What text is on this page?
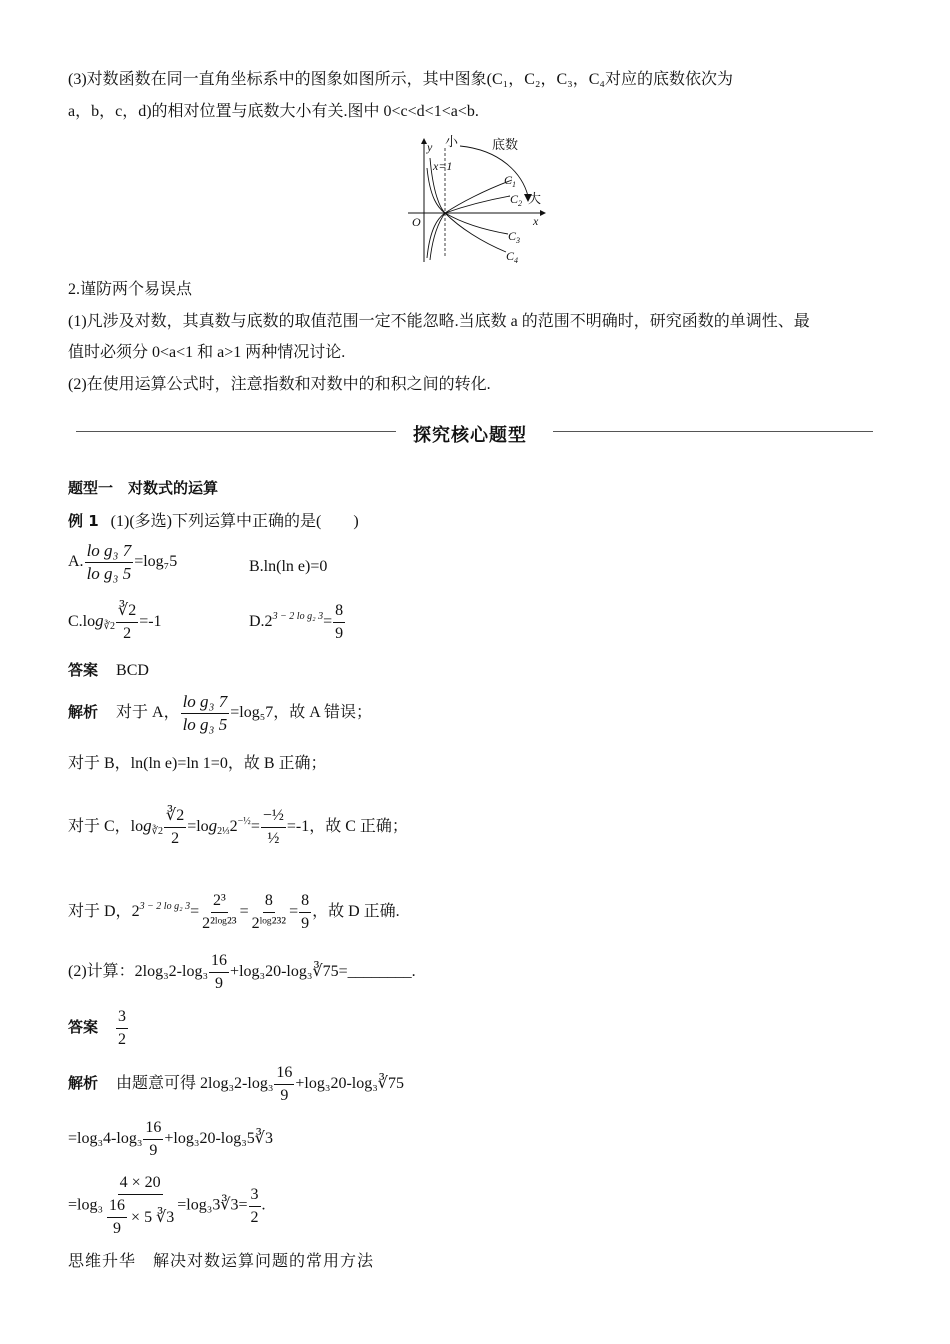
(3)对数函数在同一直角坐标系中的图象如图所示，其中图象(C₁，C₂，C₃，C₄对应的底数依次为
a，b，c，d)的相对位置与底数大小有关.图中 0<c<d<1<a<b.
小	底数
大
y
x
O
x=1
$C_1$
$C_2$
$C_3$
$C_4$
2.谨防两个易误点
(1)凡涉及对数，其真数与底数的取值范围一定不能忽略.当底数 a 的范围不明确时，研究函数的单调性、最
值时必须分 0<a<1 和 a>1 两种情况讨论.
(2)在使用运算公式时，注意指数和对数中的和积之间的转化.
探究核心题型
题型一　对数式的运算
例 1 (1)(多选)下列运算中正确的是(　　)
A. $\frac{\text{lo g₃ 7}}{\text{lo g₃ 5}} =\log_75$	B.ln(ln e)=0
$C.\log_{∛2} \frac{∛2}{2} =-1$	$D.2^{3 - 2 lo g_2 3}= \frac{8}{9}$
答案 BCD
解析 对于 A， $\frac{\text{lo g₃ 7}}{\text{lo g₃ 5}} =\log_57$，故 A 错误；
对于 B，ln(ln e)=ln 1=0，故 B 正确；
对于 C，$\log_{∛2} \frac{∛2}{2} =\log_{2\frac{1}{3}}2^{-\frac{1}{2}}= \frac{\text{−½}}{\text{½}} =-1$，故 C 正确；
对于 D，$2^{3 - 2 lo g_2 3}= \frac{\text{2³}}{\text{2²ˡᵒᵍ²³}} = \frac{8}{\text{2ˡᵒᵍ²³²}} = \frac{8}{9}$ ，故 D 正确.
(2)计算：$2\log_32-\log_3 \frac{16}{9}$ +log₃20-log₃∛75=________.
答案 $\frac{3}{2}$
解析 由题意可得 $2\log_32-\log_3 \frac{16}{9}$ +log₃20-log₃∛75
$=\log_34-\log_3 \frac{16}{9}$ +log₃20-log₃5∛3
$=\log_3 \frac{4 \times 20}{\frac{16}{9} \times 5 ∛3}$ =log₃3∛3= $\frac{3}{2}$ .
思维升华　解决对数运算问题的常用方法
